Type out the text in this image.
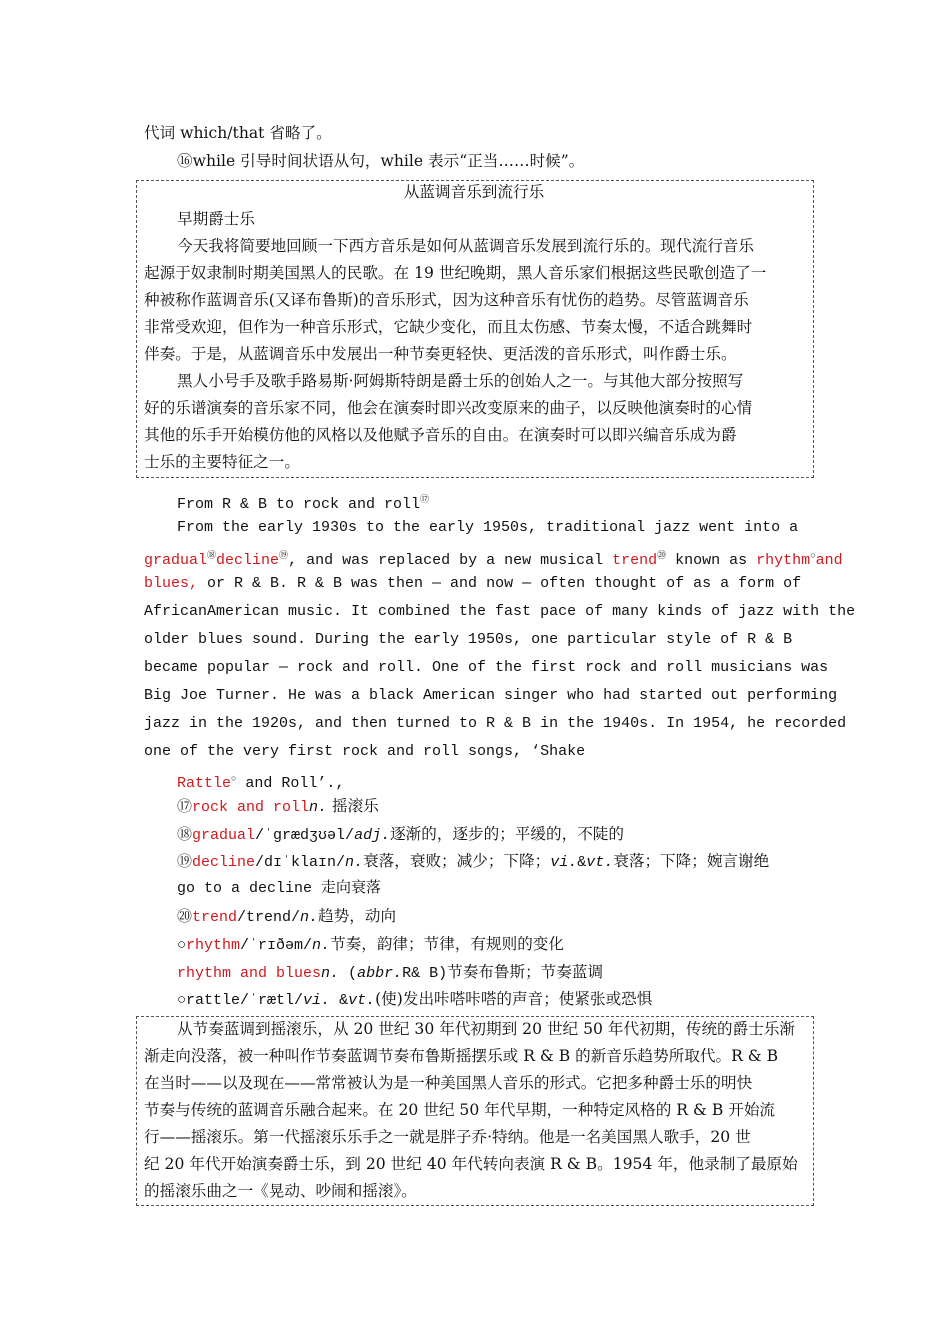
代词 which/that 省略了。
⑯while 引导时间状语从句，while 表示“正当……时候”。
从蓝调音乐到流行乐
早期爵士乐
今天我将简要地回顾一下西方音乐是如何从蓝调音乐发展到流行乐的。现代流行音乐
起源于奴隶制时期美国黑人的民歌。在 19 世纪晚期，黑人音乐家们根据这些民歌创造了一
种被称作蓝调音乐(又译布鲁斯)的音乐形式，因为这种音乐有忧伤的趋势。尽管蓝调音乐
非常受欢迎，但作为一种音乐形式，它缺少变化，而且太伤感、节奏太慢，不适合跳舞时
伴奏。于是，从蓝调音乐中发展出一种节奏更轻快、更活泼的音乐形式，叫作爵士乐。
黑人小号手及歌手路易斯·阿姆斯特朗是爵士乐的创始人之一。与其他大部分按照写
好的乐谱演奏的音乐家不同，他会在演奏时即兴改变原来的曲子，以反映他演奏时的心情
其他的乐手开始模仿他的风格以及他赋予音乐的自由。在演奏时可以即兴编音乐成为爵
士乐的主要特征之一。
From R & B to rock and roll⑰
From the early 1930s to the early 1950s, traditional jazz went into a
gradual⑱decline⑲, and was replaced by a new musical trend⑳ known as rhythm○and
blues, or R & B. R & B was then — and now — often thought of as a form of
AfricanAmerican music. It combined the fast pace of many kinds of jazz with the
older blues sound. During the early 1950s, one particular style of R & B
became popular — rock and roll. One of the first rock and roll musicians was
Big Joe Turner. He was a black American singer who had started out performing
jazz in the 1920s, and then turned to R & B in the 1940s. In 1954, he recorded
one of the very first rock and roll songs, ‘Shake
Rattle○ and Roll’.,
⑰rock and rolln. 摇滚乐
⑱gradual/ˈɡrædʒʊəl/adj.逐渐的，逐步的；平缓的，不陡的
⑲decline/dɪˈklaɪn/n.衰落，衰败；减少；下降；vi.&vt.衰落；下降；婉言谢绝
go to a decline 走向衰落
⑳trend/trend/n.趋势，动向
○rhythm/ˈrɪðəm/n.节奏，韵律；节律，有规则的变化
rhythm and bluesn. (abbr.R& B)节奏布鲁斯；节奏蓝调
○rattle/ˈrætl/vi. &vt.(使)发出咔嗒咔嗒的声音；使紧张或恐惧
从节奏蓝调到摇滚乐，从 20 世纪 30 年代初期到 20 世纪 50 年代初期，传统的爵士乐渐
渐走向没落，被一种叫作节奏蓝调节奏布鲁斯摇摆乐或 R & B 的新音乐趋势所取代。R & B
在当时——以及现在——常常被认为是一种美国黑人音乐的形式。它把多种爵士乐的明快
节奏与传统的蓝调音乐融合起来。在 20 世纪 50 年代早期，一种特定风格的 R & B 开始流
行——摇滚乐。第一代摇滚乐乐手之一就是胖子乔·特纳。他是一名美国黑人歌手，20 世
纪 20 年代开始演奏爵士乐，到 20 世纪 40 年代转向表演 R & B。1954 年，他录制了最原始
的摇滚乐曲之一《晃动、吵闹和摇滚》。
